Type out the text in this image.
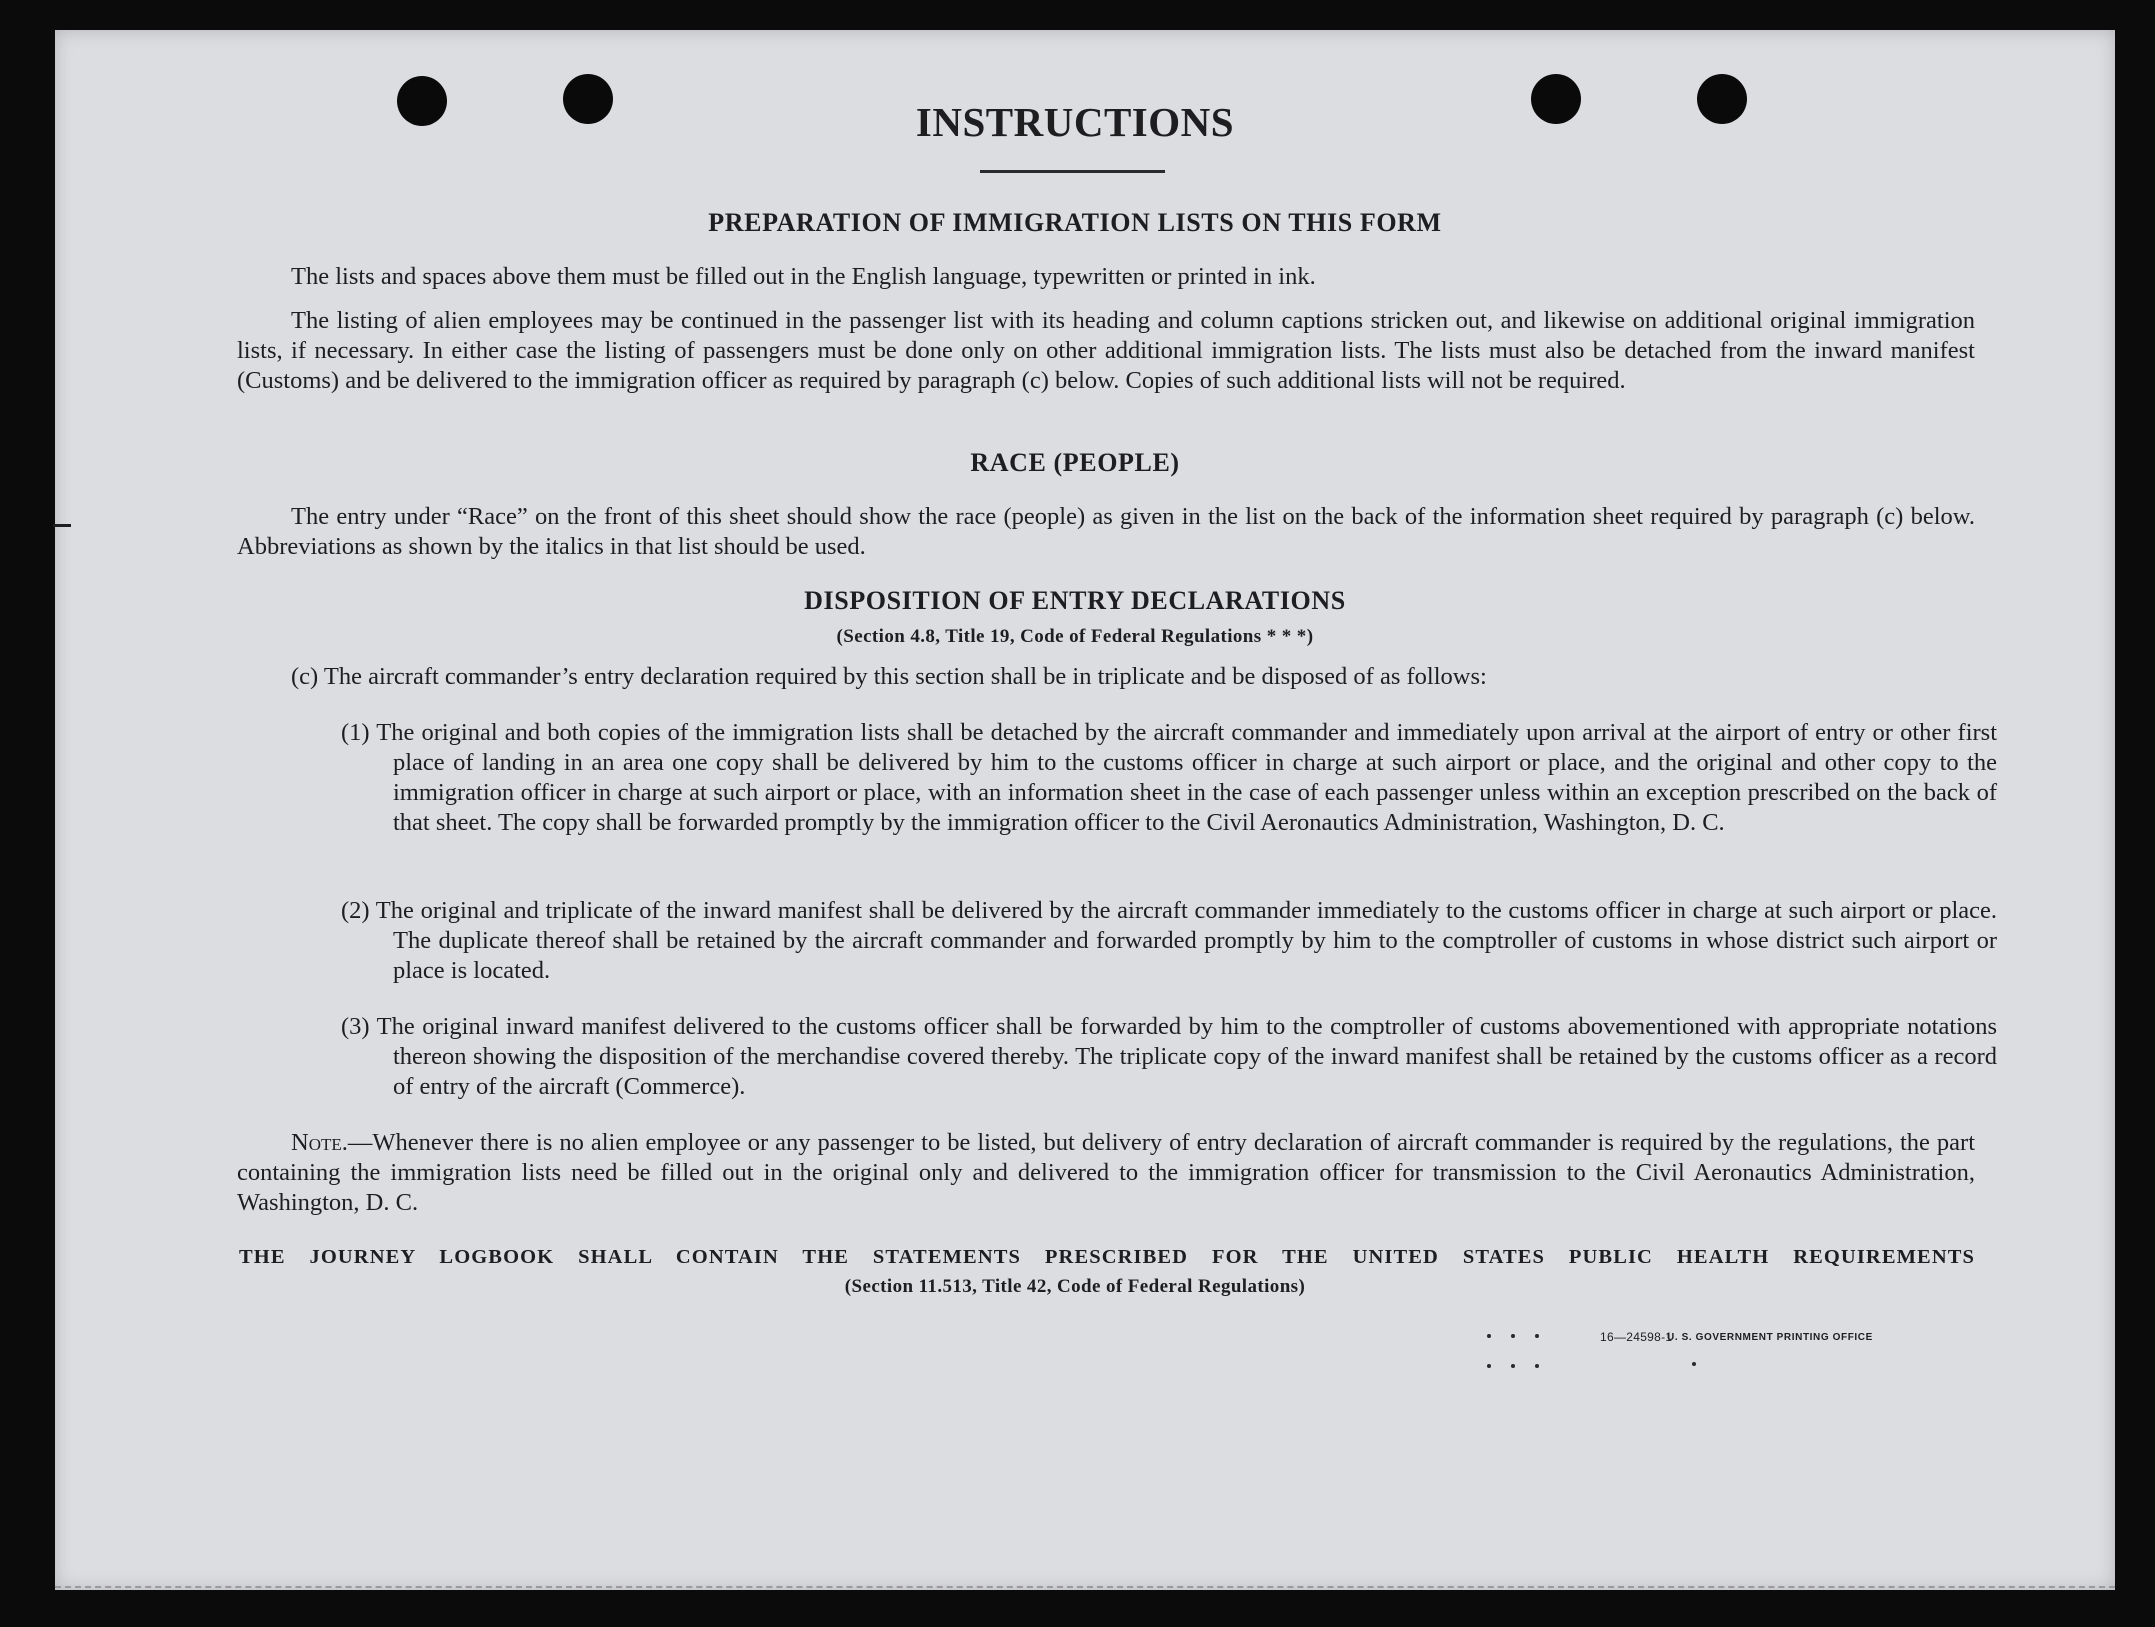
INSTRUCTIONS
PREPARATION OF IMMIGRATION LISTS ON THIS FORM
The lists and spaces above them must be filled out in the English language, typewritten or printed in ink.
The listing of alien employees may be continued in the passenger list with its heading and column captions stricken out, and likewise on additional original immigration lists, if necessary. In either case the listing of passengers must be done only on other additional immigration lists. The lists must also be detached from the inward manifest (Customs) and be delivered to the immigration officer as required by paragraph (c) below. Copies of such additional lists will not be required.
RACE (PEOPLE)
The entry under “Race” on the front of this sheet should show the race (people) as given in the list on the back of the information sheet required by paragraph (c) below. Abbreviations as shown by the italics in that list should be used.
DISPOSITION OF ENTRY DECLARATIONS
(Section 4.8, Title 19, Code of Federal Regulations * * *)
(c) The aircraft commander’s entry declaration required by this section shall be in triplicate and be disposed of as follows:
(1) The original and both copies of the immigration lists shall be detached by the aircraft commander and immediately upon arrival at the airport of entry or other first place of landing in an area one copy shall be delivered by him to the customs officer in charge at such airport or place, and the original and other copy to the immigration officer in charge at such airport or place, with an information sheet in the case of each passenger unless within an exception prescribed on the back of that sheet. The copy shall be forwarded promptly by the immigration officer to the Civil Aeronautics Administration, Washington, D. C.
(2) The original and triplicate of the inward manifest shall be delivered by the aircraft commander immediately to the customs officer in charge at such airport or place. The duplicate thereof shall be retained by the aircraft commander and forwarded promptly by him to the comptroller of customs in whose district such airport or place is located.
(3) The original inward manifest delivered to the customs officer shall be forwarded by him to the comptroller of customs abovementioned with appropriate notations thereon showing the disposition of the merchandise covered thereby. The triplicate copy of the inward manifest shall be retained by the customs officer as a record of entry of the aircraft (Commerce).
Note.—Whenever there is no alien employee or any passenger to be listed, but delivery of entry declaration of aircraft commander is required by the regulations, the part containing the immigration lists need be filled out in the original only and delivered to the immigration officer for transmission to the Civil Aeronautics Administration, Washington, D. C.
THE JOURNEY LOGBOOK SHALL CONTAIN THE STATEMENTS PRESCRIBED FOR THE UNITED STATES PUBLIC HEALTH REQUIREMENTS
(Section 11.513, Title 42, Code of Federal Regulations)
16—24598-1
U. S. GOVERNMENT PRINTING OFFICE
